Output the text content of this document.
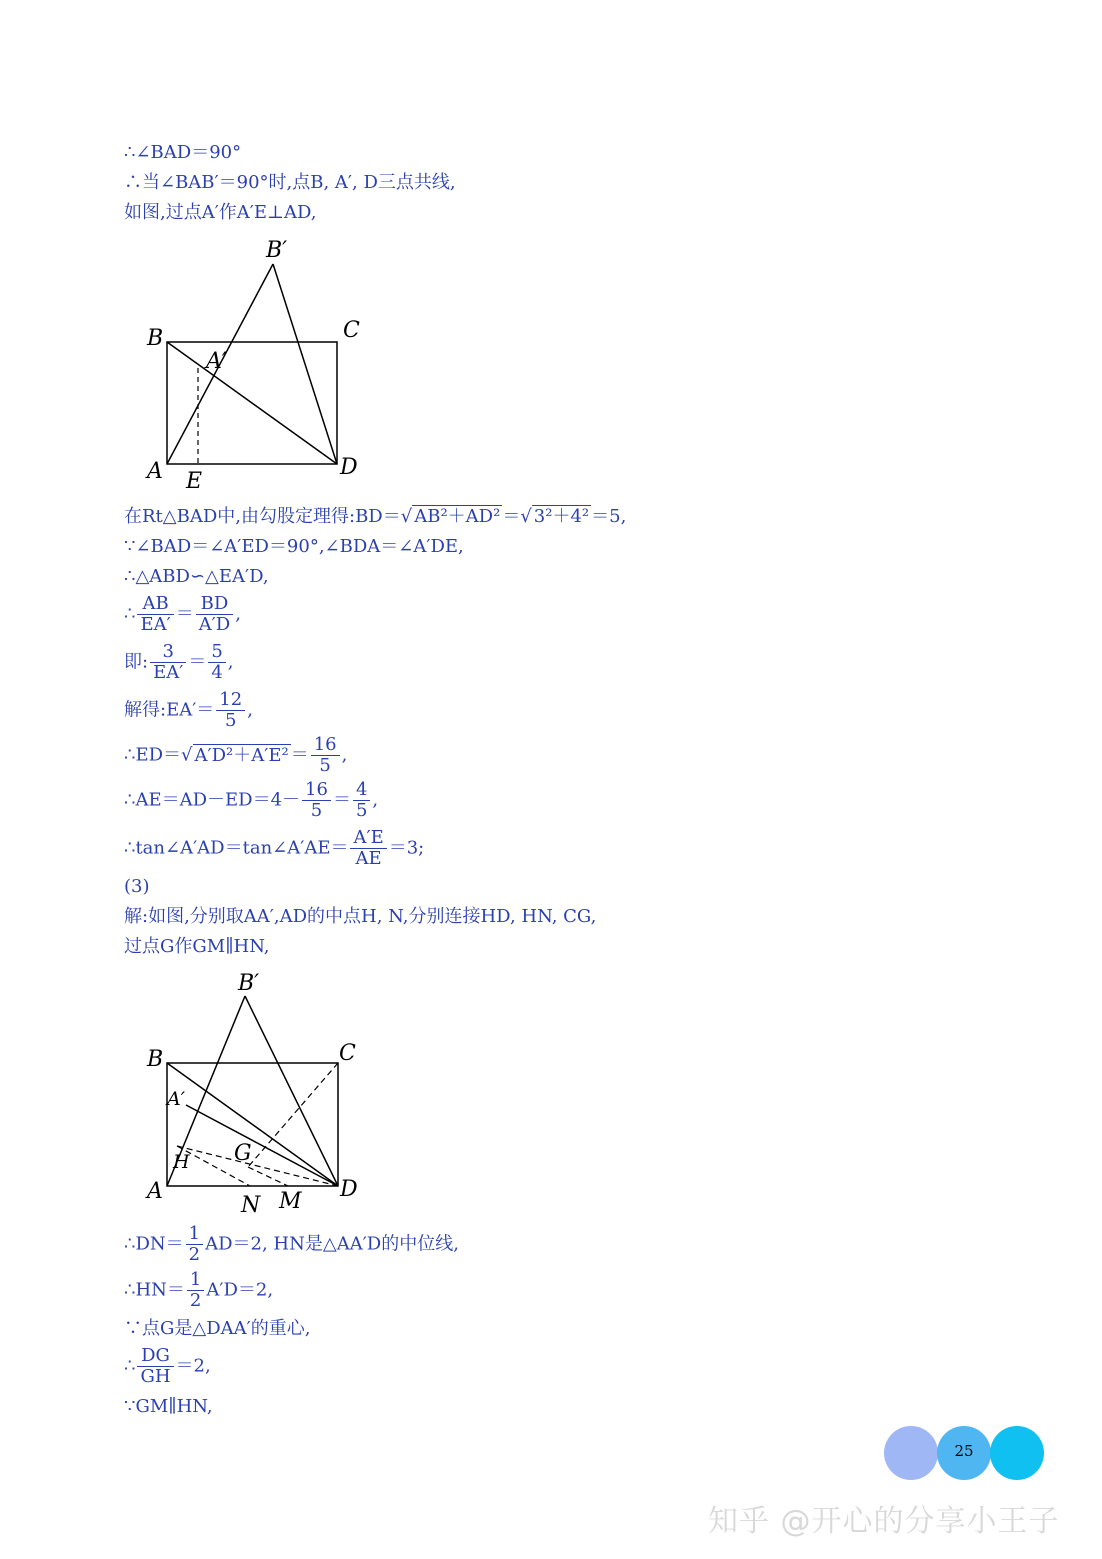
∴∠BAD＝90°
∴当∠BAB′＝90°时,点B, A′, D三点共线,
如图,过点A′作A′E⊥AD,
B′
B	C
A′
A E
D
在Rt△BAD中,由勾股定理得:BD＝√ AB²＋AD² ＝√ 3²＋4² ＝5,
∵∠BAD＝∠A′ED＝90°,∠BDA＝∠A′DE,
∴△ABD∽△EA′D,
∴ $\frac{AB}{EA'} = \frac{BD}{A'D}$ ,
即: $\frac{3}{EA'} = \frac{5}{4}$ ,
解得:EA′＝ $\frac{12}{5}$ ,
∴ED＝√ $A'D^2+A'E^2 = \frac{16}{5}$ ,
∴AE＝AD－ED＝4－ $\frac{16}{5} = \frac{4}{5}$ ,
∴tan∠A′AD＝tan∠A′AE＝ $\frac{A'E}{AE} =3$;
(3)
解:如图,分别取AA′,AD的中点H, N,分别连接HD, HN, CG,
过点G作GM∥HN,
B′
B	C
A′
H G
A
N M D
∴DN＝ $\frac{1}{2} AD=2$, HN是△AA′D的中位线,
∴HN＝ $\frac{1}{2} A'D=2$,
∵点G是△DAA′的重心,
∴ $\frac{DG}{GH} =2$,
∵GM∥HN,
25
知乎 @开心的分享小王子
